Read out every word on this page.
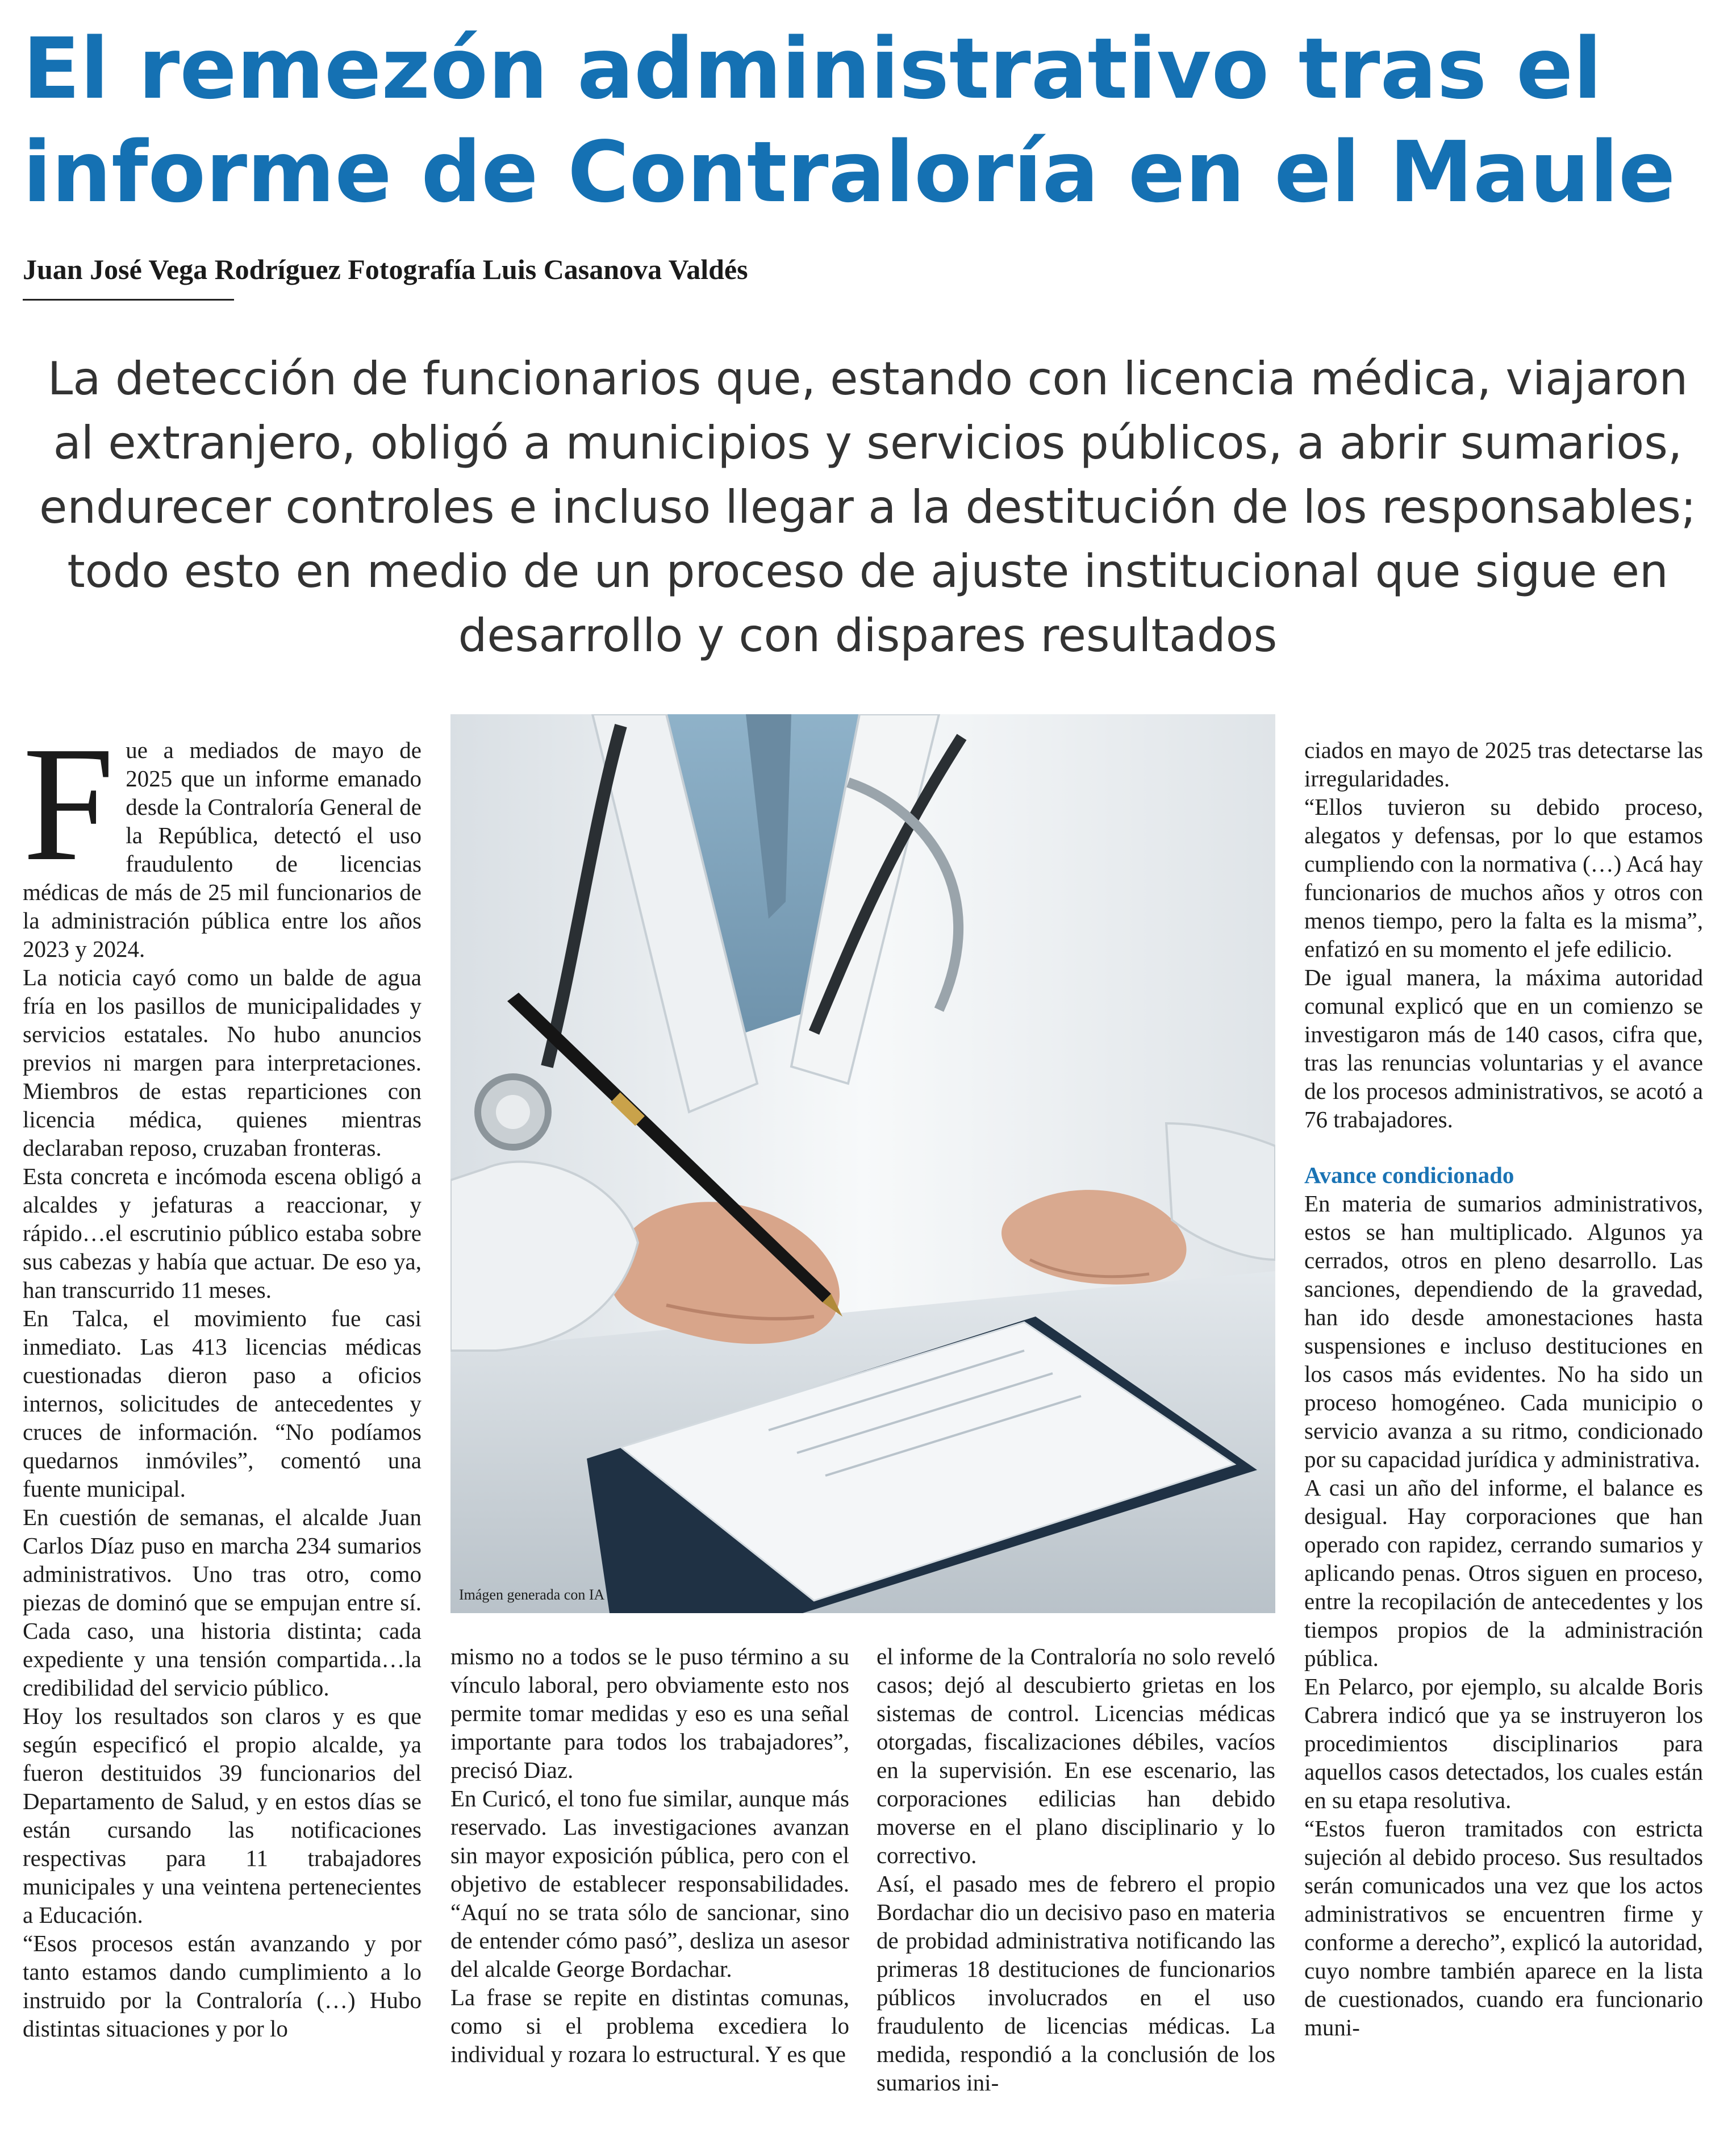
El remezón administrativo tras el informe de Contraloría en el Maule
Juan José Vega Rodríguez Fotografía Luis Casanova Valdés
La detección de funcionarios que, estando con licencia médica, viajaron al extranjero, obligó a municipios y servicios públicos, a abrir sumarios, endurecer controles e incluso llegar a la destitución de los responsables; todo esto en medio de un proceso de ajuste institucional que sigue en desarrollo y con dispares resultados

Fue a mediados de mayo de 2025 que un informe emanado desde la Contraloría General de la República, detectó el uso fraudulento de licencias médicas de más de 25 mil funcionarios de la administración pública entre los años 2023 y 2024.

La noticia cayó como un balde de agua fría en los pasillos de municipalidades y servicios estatales. No hubo anuncios previos ni margen para interpretaciones. Miembros de estas reparticiones con licencia médica, quienes mientras declaraban reposo, cruzaban fronteras.

Esta concreta e incómoda escena obligó a alcaldes y jefaturas a reaccionar, y rápido…el escrutinio público estaba sobre sus cabezas y había que actuar. De eso ya, han transcurrido 11 meses.

En Talca, el movimiento fue casi inmediato. Las 413 licencias médicas cuestionadas dieron paso a oficios internos, solicitudes de antecedentes y cruces de información. “No podíamos quedarnos inmóviles”, comentó una fuente municipal.

En cuestión de semanas, el alcalde Juan Carlos Díaz puso en marcha 234 sumarios administrativos. Uno tras otro, como piezas de dominó que se empujan entre sí. Cada caso, una historia distinta; cada expediente y una tensión compartida…la credibilidad del servicio público.

Hoy los resultados son claros y es que según especificó el propio alcalde, ya fueron destituidos 39 funcionarios del Departamento de Salud, y en estos días se están cursando las notificaciones respectivas para 11 trabajadores municipales y una veintena pertenecientes a Educación.

“Esos procesos están avanzando y por tanto estamos dando cumplimiento a lo instruido por la Contraloría (…) Hubo distintas situaciones y por lo

Imágen generada con IA

mismo no a todos se le puso término a su vínculo laboral, pero obviamente esto nos permite tomar medidas y eso es una señal importante para todos los trabajadores”, precisó Diaz.

En Curicó, el tono fue similar, aunque más reservado. Las investigaciones avanzan sin mayor exposición pública, pero con el objetivo de establecer responsabilidades. “Aquí no se trata sólo de sancionar, sino de entender cómo pasó”, desliza un asesor del alcalde George Bordachar.

La frase se repite en distintas comunas, como si el problema excediera lo individual y rozara lo estructural. Y es que

el informe de la Contraloría no solo reveló casos; dejó al descubierto grietas en los sistemas de control. Licencias médicas otorgadas, fiscalizaciones débiles, vacíos en la supervisión. En ese escenario, las corporaciones edilicias han debido moverse en el plano disciplinario y lo correctivo.

Así, el pasado mes de febrero el propio Bordachar dio un decisivo paso en materia de probidad administrativa notificando las primeras 18 destituciones de funcionarios públicos involucrados en el uso fraudulento de licencias médicas. La medida, respondió a la conclusión de los sumarios ini-

ciados en mayo de 2025 tras detectarse las irregularidades.

“Ellos tuvieron su debido proceso, alegatos y defensas, por lo que estamos cumpliendo con la normativa (…) Acá hay funcionarios de muchos años y otros con menos tiempo, pero la falta es la misma”, enfatizó en su momento el jefe edilicio.

De igual manera, la máxima autoridad comunal explicó que en un comienzo se investigaron más de 140 casos, cifra que, tras las renuncias voluntarias y el avance de los procesos administrativos, se acotó a 76 trabajadores.

Avance condicionado

En materia de sumarios administrativos, estos se han multiplicado. Algunos ya cerrados, otros en pleno desarrollo. Las sanciones, dependiendo de la gravedad, han ido desde amonestaciones hasta suspensiones e incluso destituciones en los casos más evidentes. No ha sido un proceso homogéneo. Cada municipio o servicio avanza a su ritmo, condicionado por su capacidad jurídica y administrativa.

A casi un año del informe, el balance es desigual. Hay corporaciones que han operado con rapidez, cerrando sumarios y aplicando penas. Otros siguen en proceso, entre la recopilación de antecedentes y los tiempos propios de la administración pública.

En Pelarco, por ejemplo, su alcalde Boris Cabrera indicó que ya se instruyeron los procedimientos disciplinarios para aquellos casos detectados, los cuales están en su etapa resolutiva.

“Estos fueron tramitados con estricta sujeción al debido proceso. Sus resultados serán comunicados una vez que los actos administrativos se encuentren firme y conforme a derecho”, explicó la autoridad, cuyo nombre también aparece en la lista de cuestionados, cuando era funcionario muni-
